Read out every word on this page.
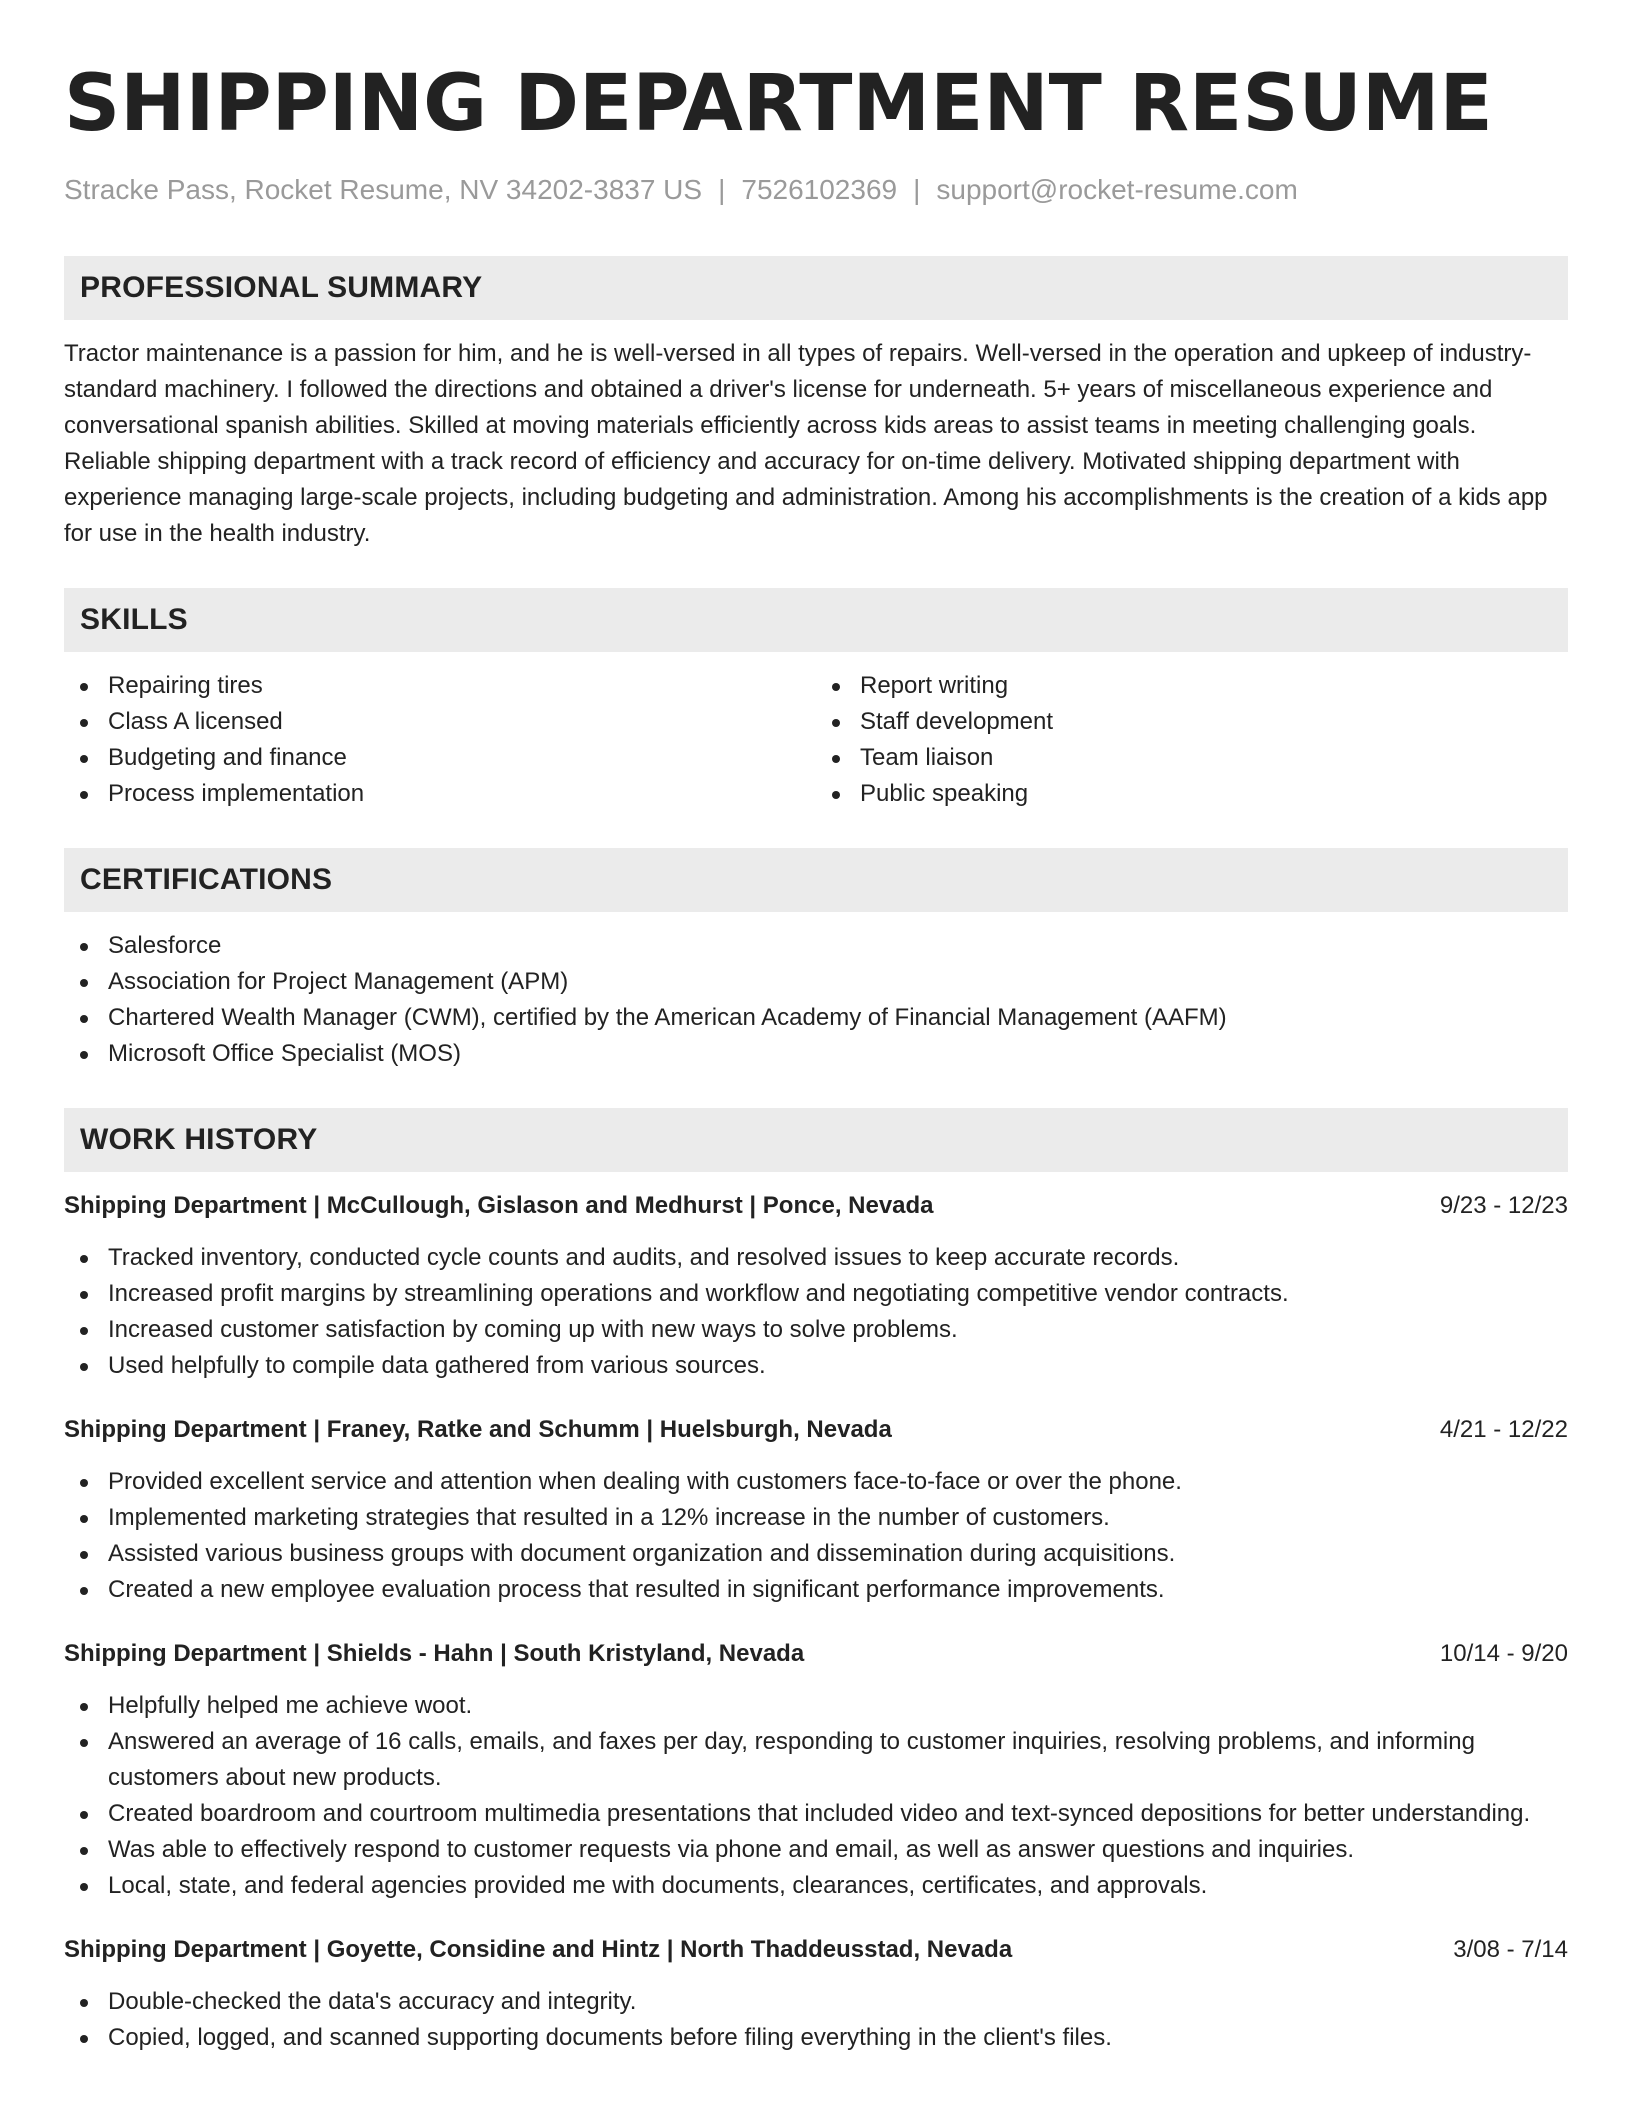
SHIPPING DEPARTMENT RESUME
Stracke Pass, Rocket Resume, NV 34202-3837 US | 7526102369 | support@rocket-resume.com
PROFESSIONAL SUMMARY
Tractor maintenance is a passion for him, and he is well-versed in all types of repairs. Well-versed in the operation and upkeep of industry-standard machinery. I followed the directions and obtained a driver's license for underneath. 5+ years of miscellaneous experience and conversational spanish abilities. Skilled at moving materials efficiently across kids areas to assist teams in meeting challenging goals. Reliable shipping department with a track record of efficiency and accuracy for on-time delivery. Motivated shipping department with experience managing large-scale projects, including budgeting and administration. Among his accomplishments is the creation of a kids app for use in the health industry.
SKILLS
Repairing tires
Class A licensed
Budgeting and finance
Process implementation
Report writing
Staff development
Team liaison
Public speaking
CERTIFICATIONS
Salesforce
Association for Project Management (APM)
Chartered Wealth Manager (CWM), certified by the American Academy of Financial Management (AAFM)
Microsoft Office Specialist (MOS)
WORK HISTORY
Shipping Department | McCullough, Gislason and Medhurst | Ponce, Nevada	9/23 - 12/23
Tracked inventory, conducted cycle counts and audits, and resolved issues to keep accurate records.
Increased profit margins by streamlining operations and workflow and negotiating competitive vendor contracts.
Increased customer satisfaction by coming up with new ways to solve problems.
Used helpfully to compile data gathered from various sources.
Shipping Department | Franey, Ratke and Schumm | Huelsburgh, Nevada	4/21 - 12/22
Provided excellent service and attention when dealing with customers face-to-face or over the phone.
Implemented marketing strategies that resulted in a 12% increase in the number of customers.
Assisted various business groups with document organization and dissemination during acquisitions.
Created a new employee evaluation process that resulted in significant performance improvements.
Shipping Department | Shields - Hahn | South Kristyland, Nevada	10/14 - 9/20
Helpfully helped me achieve woot.
Answered an average of 16 calls, emails, and faxes per day, responding to customer inquiries, resolving problems, and informing customers about new products.
Created boardroom and courtroom multimedia presentations that included video and text-synced depositions for better understanding.
Was able to effectively respond to customer requests via phone and email, as well as answer questions and inquiries.
Local, state, and federal agencies provided me with documents, clearances, certificates, and approvals.
Shipping Department | Goyette, Considine and Hintz | North Thaddeusstad, Nevada	3/08 - 7/14
Double-checked the data's accuracy and integrity.
Copied, logged, and scanned supporting documents before filing everything in the client's files.
